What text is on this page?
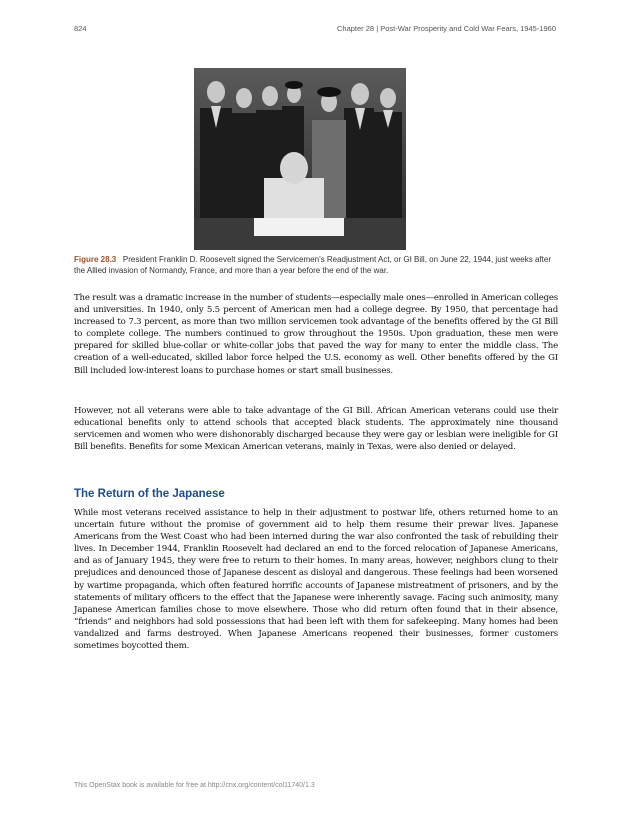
824	Chapter 28 | Post-War Prosperity and Cold War Fears, 1945-1960
Figure 28.3 President Franklin D. Roosevelt signed the Servicemen’s Readjustment Act, or GI Bill, on June 22, 1944, just weeks after the Allied invasion of Normandy, France, and more than a year before the end of the war.

The result was a dramatic increase in the number of students—especially male ones—enrolled in American colleges and universities. In 1940, only 5.5 percent of American men had a college degree. By 1950, that percentage had increased to 7.3 percent, as more than two million servicemen took advantage of the benefits offered by the GI Bill to complete college. The numbers continued to grow throughout the 1950s. Upon graduation, these men were prepared for skilled blue-collar or white-collar jobs that paved the way for many to enter the middle class. The creation of a well-educated, skilled labor force helped the U.S. economy as well. Other benefits offered by the GI Bill included low-interest loans to purchase homes or start small businesses.

However, not all veterans were able to take advantage of the GI Bill. African American veterans could use their educational benefits only to attend schools that accepted black students. The approximately nine thousand servicemen and women who were dishonorably discharged because they were gay or lesbian were ineligible for GI Bill benefits. Benefits for some Mexican American veterans, mainly in Texas, were also denied or delayed.

The Return of the Japanese

While most veterans received assistance to help in their adjustment to postwar life, others returned home to an uncertain future without the promise of government aid to help them resume their prewar lives. Japanese Americans from the West Coast who had been interned during the war also confronted the task of rebuilding their lives. In December 1944, Franklin Roosevelt had declared an end to the forced relocation of Japanese Americans, and as of January 1945, they were free to return to their homes. In many areas, however, neighbors clung to their prejudices and denounced those of Japanese descent as disloyal and dangerous. These feelings had been worsened by wartime propaganda, which often featured horrific accounts of Japanese mistreatment of prisoners, and by the statements of military officers to the effect that the Japanese were inherently savage. Facing such animosity, many Japanese American families chose to move elsewhere. Those who did return often found that in their absence, “friends” and neighbors had sold possessions that had been left with them for safekeeping. Many homes had been vandalized and farms destroyed. When Japanese Americans reopened their businesses, former customers sometimes boycotted them.

This OpenStax book is available for free at http://cnx.org/content/col11740/1.3
